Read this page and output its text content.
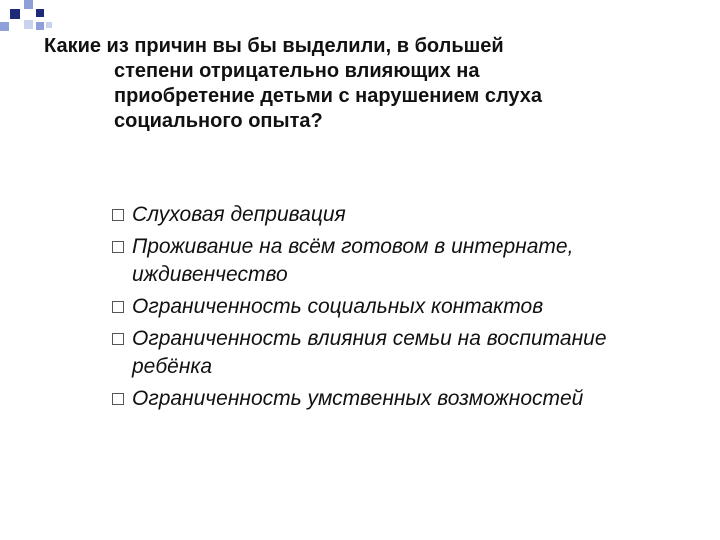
Какие из причин вы бы выделили, в большей
степени отрицательно влияющих на
приобретение детьми с нарушением слуха
социального опыта?
Слуховая депривация
Проживание на всём готовом в интернате,
иждивенчество
Ограниченность социальных контактов
Ограниченность влияния семьи на воспитание
ребёнка
Ограниченность умственных возможностей
